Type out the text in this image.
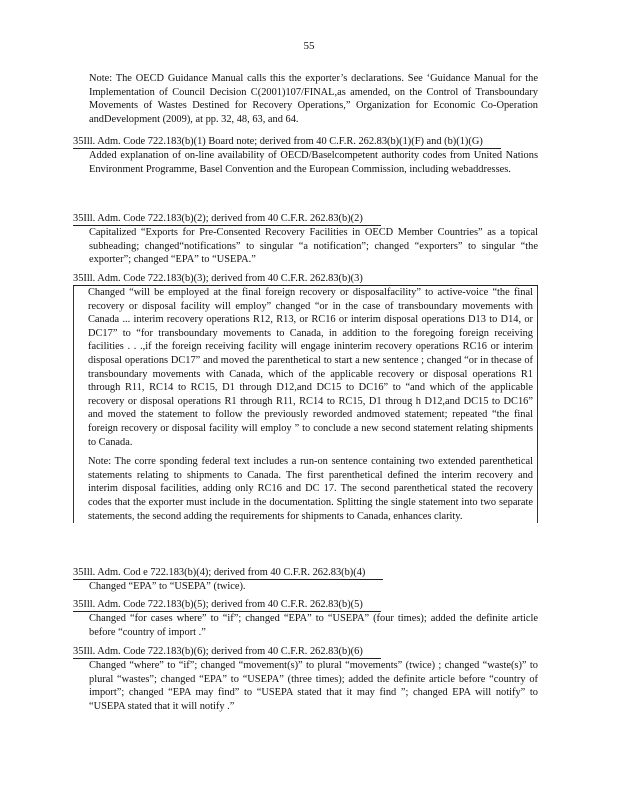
55

Note: The OECD Guidance Manual calls this the exporter’s declarations. See ‘Guidance Manual for the Implementation of Council Decision C(2001)107/FINAL,as amended, on the Control of Transboundary Movements of Wastes Destined for Recovery Operations,” Organization for Economic Co-Operation andDevelopment (2009), at pp. 32, 48, 63, and 64.

35Ill. Adm. Code 722.183(b)(1) Board note; derived from 40 C.F.R. 262.83(b)(1)(F) and (b)(1)(G)

Added explanation of on-line availability of OECD/Baselcompetent authority codes from United Nations Environment Programme, Basel Convention and the European Commission, including webaddresses.

35Ill. Adm. Code 722.183(b)(2); derived from 40 C.F.R. 262.83(b)(2)

Capitalized “Exports for Pre-Consented Recovery Facilities in OECD Member Countries” as a topical subheading; changed“notifications” to singular “a notification”; changed “exporters” to singular “the exporter”; changed “EPA” to “USEPA.”

35Ill. Adm. Code 722.183(b)(3); derived from 40 C.F.R. 262.83(b)(3)

Changed “will be employed at the final foreign recovery or disposalfacility” to active-voice “the final recovery or disposal facility will employ” changed “or in the case of transboundary movements with Canada ... interim recovery operations R12, R13, or RC16 or interim disposal operations D13 to D14, or DC17” to “for transboundary movements to Canada, in addition to the foregoing foreign receiving facilities . . .,if the foreign receiving facility will engage ininterim recovery operations RC16 or interim disposal operations DC17” and moved the parenthetical to start a new sentence ; changed “or in thecase of transboundary movements with Canada, which of the applicable recovery or disposal operations R1 through R11, RC14 to RC15, D1 through D12,and DC15 to DC16” to “and which of the applicable recovery or disposal operations R1 through R11, RC14 to RC15, D1 throug h D12,and DC15 to DC16” and moved the statement to follow the previously reworded andmoved statement; repeated “the final foreign recovery or disposal facility will employ ” to conclude a new second statement relating shipments to Canada.

Note: The corre sponding federal text includes a run-on sentence containing two extended parenthetical statements relating to shipments to Canada. The first parenthetical defined the interim recovery and interim disposal facilities, adding only RC16 and DC 17. The second parenthetical stated the recovery codes that the exporter must include in the documentation. Splitting the single statement into two separate statements, the second adding the requirements for shipments to Canada, enhances clarity.

35Ill. Adm. Cod e 722.183(b)(4); derived from 40 C.F.R. 262.83(b)(4)

Changed “EPA” to “USEPA” (twice).

35Ill. Adm. Code 722.183(b)(5); derived from 40 C.F.R. 262.83(b)(5)

Changed “for cases where” to “if”; changed “EPA” to “USEPA” (four times); added the definite article before “country of import .”

35Ill. Adm. Code 722.183(b)(6); derived from 40 C.F.R. 262.83(b)(6)

Changed “where” to “if”; changed “movement(s)” to plural “movements” (twice) ; changed “waste(s)” to plural “wastes”; changed “EPA” to “USEPA” (three times); added the definite article before “country of import”; changed “EPA may find” to “USEPA stated that it may find ”; changed EPA will notify” to “USEPA stated that it will notify .”
